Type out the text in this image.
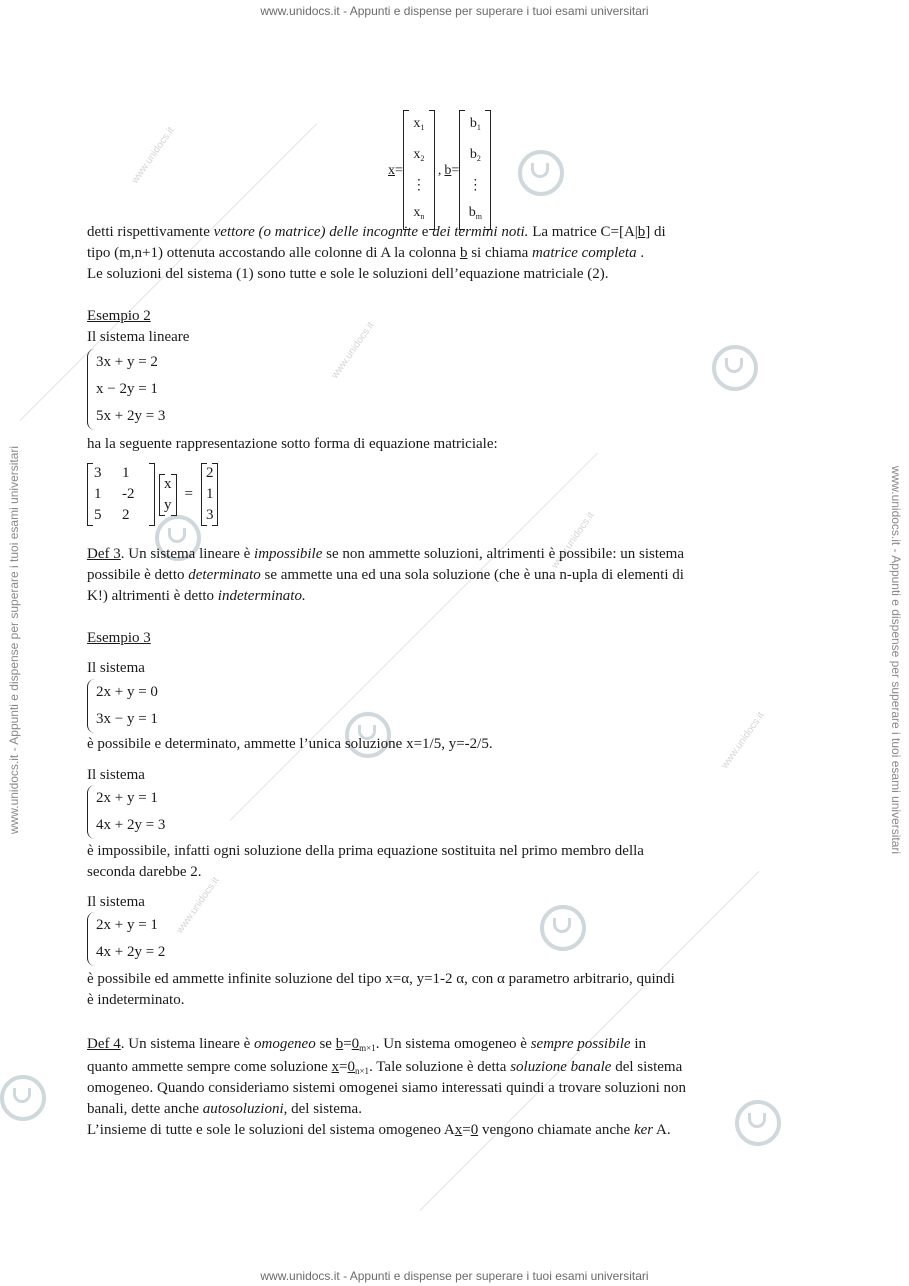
www.unidocs.it - Appunti e dispense per superare i tuoi esami universitari
www.unidocs.it - Appunti e dispense per superare i tuoi esami universitari
www.unidocs.it - Appunti e dispense per superare i tuoi esami universitari	www.unidocs.it - Appunti e dispense per superare i tuoi esami universitari
www.unidocs.it
www.unidocs.it
www.unidocs.it
www.unidocs.it
www.unidocs.it
x =
$x_1$
$x_2$
⋮
$x_n$
, b =
$b_1$
$b_2$
⋮
$b_m$

detti rispettivamente vettore (o matrice) delle incognite e dei termini noti. La matrice C=[A|b] di

tipo (m,n+1) ottenuta accostando alle colonne di A la colonna b si chiama matrice completa .

Le soluzioni del sistema (1) sono tutte e sole le soluzioni dell’equazione matriciale (2).

Esempio 2

Il sistema lineare

3x + y = 2
x − 2y = 1
5x + 2y = 3

ha la seguente rappresentazione sotto forma di equazione matriciale:

3	1
1	-2
5	2
x
y
=
2
1
3

Def 3. Un sistema lineare è impossibile se non ammette soluzioni, altrimenti è possibile: un sistema

possibile è detto determinato se ammette una ed una sola soluzione (che è una n-upla di elementi di

K!) altrimenti è detto indeterminato.

Esempio 3

Il sistema

2x + y = 0
3x − y = 1

è possibile e determinato, ammette l’unica soluzione x=1/5, y=-2/5.

Il sistema

2x + y = 1
4x + 2y = 3

è impossibile, infatti ogni soluzione della prima equazione sostituita nel primo membro della

seconda darebbe 2.

Il sistema

2x + y = 1
4x + 2y = 2

è possibile ed ammette infinite soluzione del tipo x=α, y=1-2 α, con α parametro arbitrario, quindi

è indeterminato.

Def 4. Un sistema lineare è omogeneo se $b=0_{m\times 1}$. Un sistema omogeneo è sempre possibile in

quanto ammette sempre come soluzione $x=0_{n\times 1}$. Tale soluzione è detta soluzione banale del sistema

omogeneo. Quando consideriamo sistemi omogenei siamo interessati quindi a trovare soluzioni non

banali, dette anche autosoluzioni, del sistema.

L’insieme di tutte e sole le soluzioni del sistema omogeneo Ax=0 vengono chiamate anche ker A.
